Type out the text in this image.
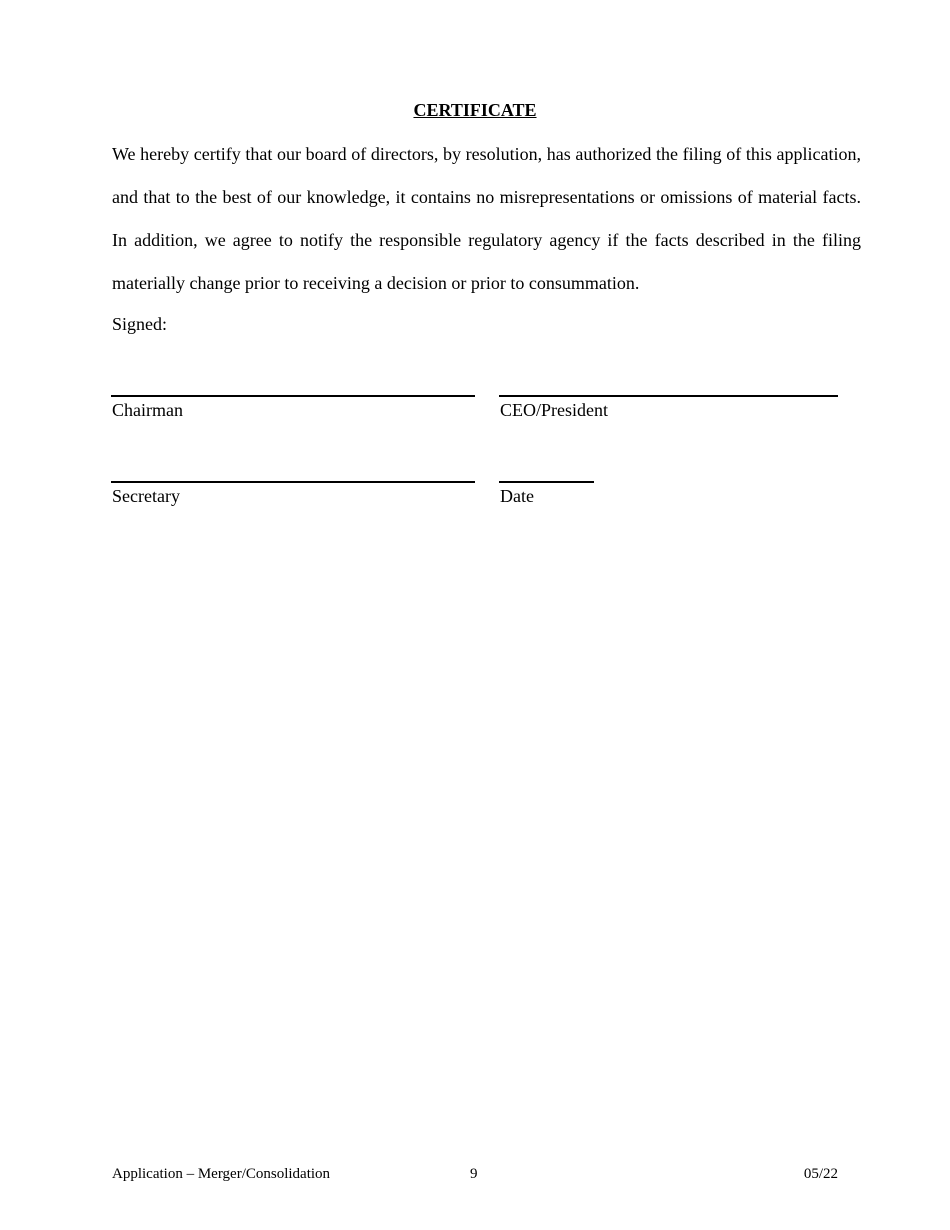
CERTIFICATE

We hereby certify that our board of directors, by resolution, has authorized the filing of this application, and that to the best of our knowledge, it contains no misrepresentations or omissions of material facts. In addition, we agree to notify the responsible regulatory agency if the facts described in the filing materially change prior to receiving a decision or prior to consummation.

Signed:
Chairman	CEO/President
Secretary	Date
Application – Merger/Consolidation	9	05/22
